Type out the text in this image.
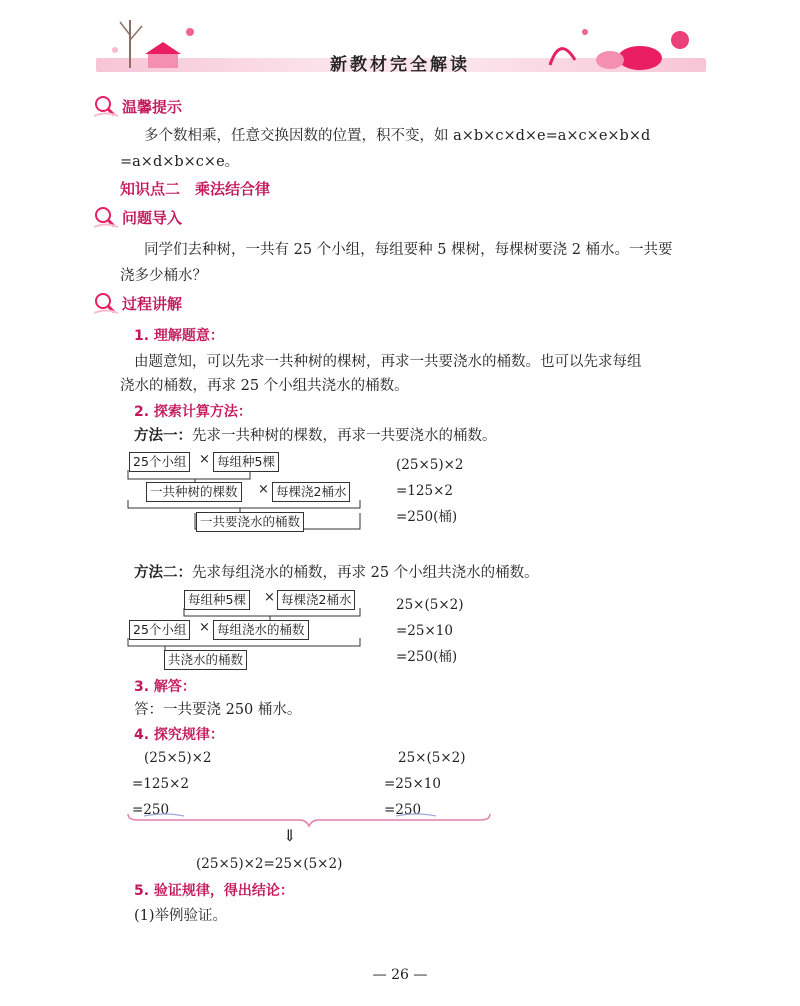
新教材完全解读
温馨提示
多个数相乘，任意交换因数的位置，积不变，如 a×b×c×d×e=a×c×e×b×d
=a×d×b×c×e。
知识点二　乘法结合律
问题导入
同学们去种树，一共有 25 个小组，每组要种 5 棵树，每棵树要浇 2 桶水。一共要
浇多少桶水？
过程讲解
1. 理解题意：
由题意知，可以先求一共种树的棵树，再求一共要浇水的桶数。也可以先求每组
浇水的桶数，再求 25 个小组共浇水的桶数。
2. 探索计算方法：
方法一：先求一共种树的棵数，再求一共要浇水的桶数。
25个小组 × 每组种5棵
一共种树的棵数	× 每棵浇2桶水
一共要浇水的桶数
(25×5)×2
=125×2
=250(桶)
方法二：先求每组浇水的桶数，再求 25 个小组共浇水的桶数。
每组种5棵	× 每棵浇2桶水
25个小组 × 每组浇水的桶数
共浇水的桶数
25×(5×2)
=25×10
=250(桶)
3. 解答：
答：一共要浇 250 桶水。
4. 探究规律：
(25×5)×2
=125×2
=250
25×(5×2)
=25×10
=250
⇓
(25×5)×2=25×(5×2)
5. 验证规律，得出结论：
(1)举例验证。
— 26 —
